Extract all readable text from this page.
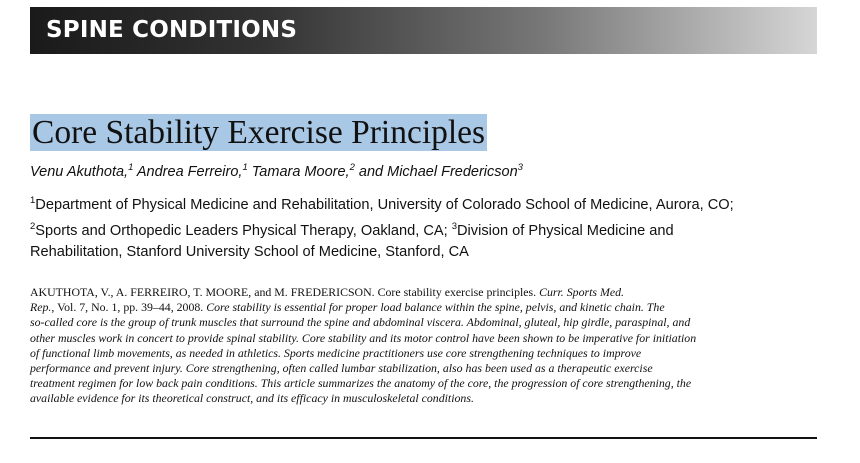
SPINE CONDITIONS
Core Stability Exercise Principles
Venu Akuthota,$^1$ Andrea Ferreiro,$^1$ Tamara Moore,$^2$ and Michael Fredericson$^3$
$^1$Department of Physical Medicine and Rehabilitation, University of Colorado School of Medicine, Aurora, CO;
$^2$Sports and Orthopedic Leaders Physical Therapy, Oakland, CA; $^3$Division of Physical Medicine and
Rehabilitation, Stanford University School of Medicine, Stanford, CA
AKUTHOTA, V., A. FERREIRO, T. MOORE, and M. FREDERICSON. Core stability exercise principles. Curr. Sports Med.
Rep., Vol. 7, No. 1, pp. 39–44, 2008. Core stability is essential for proper load balance within the spine, pelvis, and kinetic chain. The
so-called core is the group of trunk muscles that surround the spine and abdominal viscera. Abdominal, gluteal, hip girdle, paraspinal, and
other muscles work in concert to provide spinal stability. Core stability and its motor control have been shown to be imperative for initiation
of functional limb movements, as needed in athletics. Sports medicine practitioners use core strengthening techniques to improve
performance and prevent injury. Core strengthening, often called lumbar stabilization, also has been used as a therapeutic exercise
treatment regimen for low back pain conditions. This article summarizes the anatomy of the core, the progression of core strengthening, the
available evidence for its theoretical construct, and its efficacy in musculoskeletal conditions.
